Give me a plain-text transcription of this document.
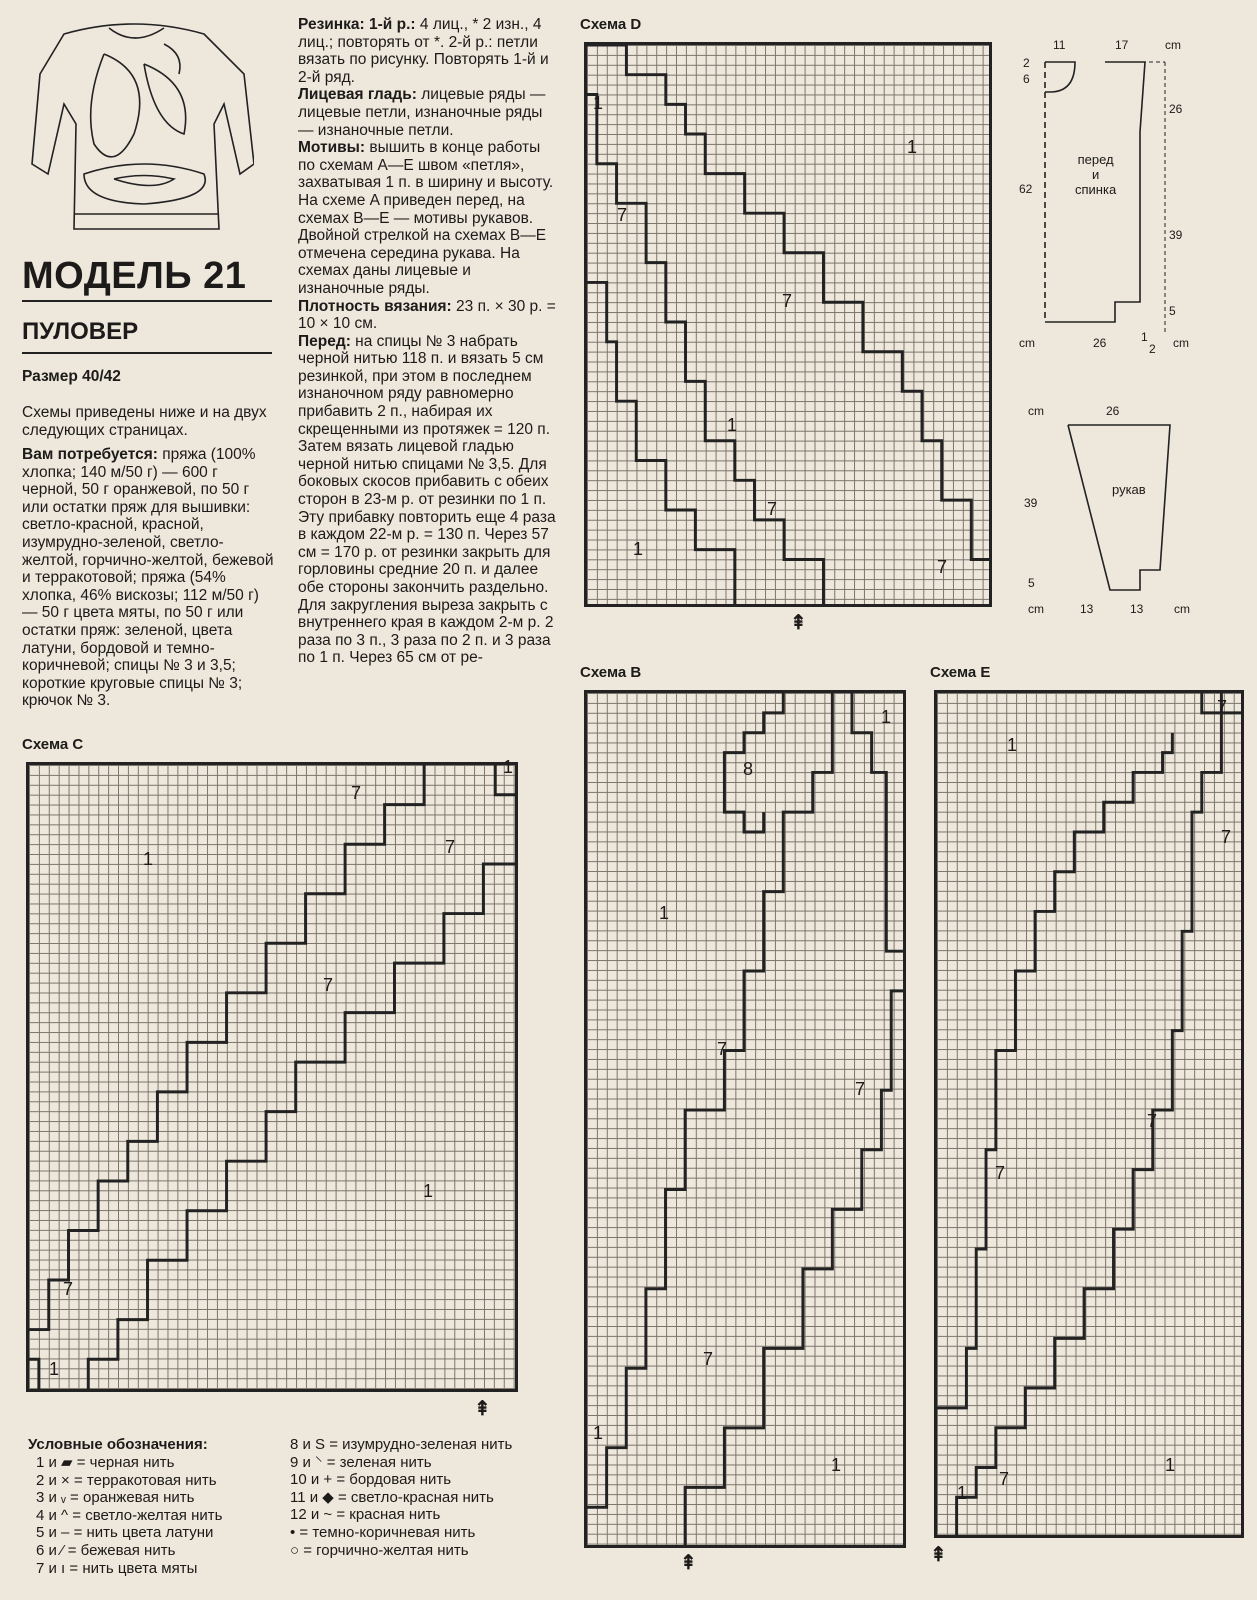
МОДЕЛЬ 21
ПУЛОВЕР
Размер 40/42
Схемы приведены ниже и на двух следующих страницах.
Вам потребуется: пряжа (100% хлопка; 140 м/50 г) — 600 г черной, 50 г оранжевой, по 50 г или остатки пряж для вышивки: светло-красной, красной, изумрудно-зеленой, светло-желтой, горчично-желтой, бежевой и терракотовой; пряжа (54% хлопка, 46% вискозы; 112 м/50 г) — 50 г цвета мяты, по 50 г или остатки пряж: зеленой, цвета латуни, бордовой и темно-коричневой; спицы № 3 и 3,5; короткие круговые спицы № 3; крючок № 3.
Резинка: 1-й р.: 4 лиц., * 2 изн., 4 лиц.; повторять от *. 2-й р.: петли вязать по рисунку. Повторять 1-й и 2-й ряд.
Лицевая гладь: лицевые ряды — лицевые петли, изнаночные ряды — изнаночные петли.
Мотивы: вышить в конце работы по схемам A—E швом «петля», захватывая 1 п. в ширину и высоту. На схеме A приведен перед, на схемах B—E — мотивы рукавов. Двойной стрелкой на схемах B—E отмечена середина рукава. На схемах даны лицевые и изнаночные ряды.
Плотность вязания: 23 п. × 30 р. = 10 × 10 см.
Перед: на спицы № 3 набрать черной нитью 118 п. и вязать 5 см резинкой, при этом в последнем изнаночном ряду равномерно прибавить 2 п., набирая их скрещенными из протяжек = 120 п. Затем вязать лицевой гладью черной нитью спицами № 3,5. Для боковых скосов прибавить с обеих сторон в 23-м р. от резинки по 1 п. Эту прибавку повторить еще 4 раза в каждом 22-м р. = 130 п. Через 57 см = 170 р. от резинки закрыть для горловины средние 20 п. и далее обе стороны закончить раздельно. Для закругления выреза закрыть с внутреннего края в каждом 2-м р. 2 раза по 3 п., 3 раза по 2 п. и 3 раза по 1 п. Через 65 см от ре-
Схема D
1
1
7
7
1
7
1
7
⇞
11	17	cm
2
6
26
62
39
5
cm	26	1
2 cm
перед
и
спинка
cm	26
39
5
cm	13	13	cm
рукав
Схема C
1
7
7
7
1
1
7
1
⇞
Схема B
1
8
1
7
7
7
1
1
⇞
Схема E
7
1
7
7
7
1
1
7
⇞
Условные обозначения:
1 и ▰ = черная нить
2 и × = терракотовая нить
3 и ᵥ = оранжевая нить
4 и ^ = светло-желтая нить
5 и – = нить цвета латуни
6 и ⁄ = бежевая нить
7 и ı = нить цвета мяты
8 и S = изумрудно-зеленая нить
9 и ⸌ = зеленая нить
10 и + = бордовая нить
11 и ◆ = светло-красная нить
12 и ~ = красная нить
• = темно-коричневая нить
○ = горчично-желтая нить
